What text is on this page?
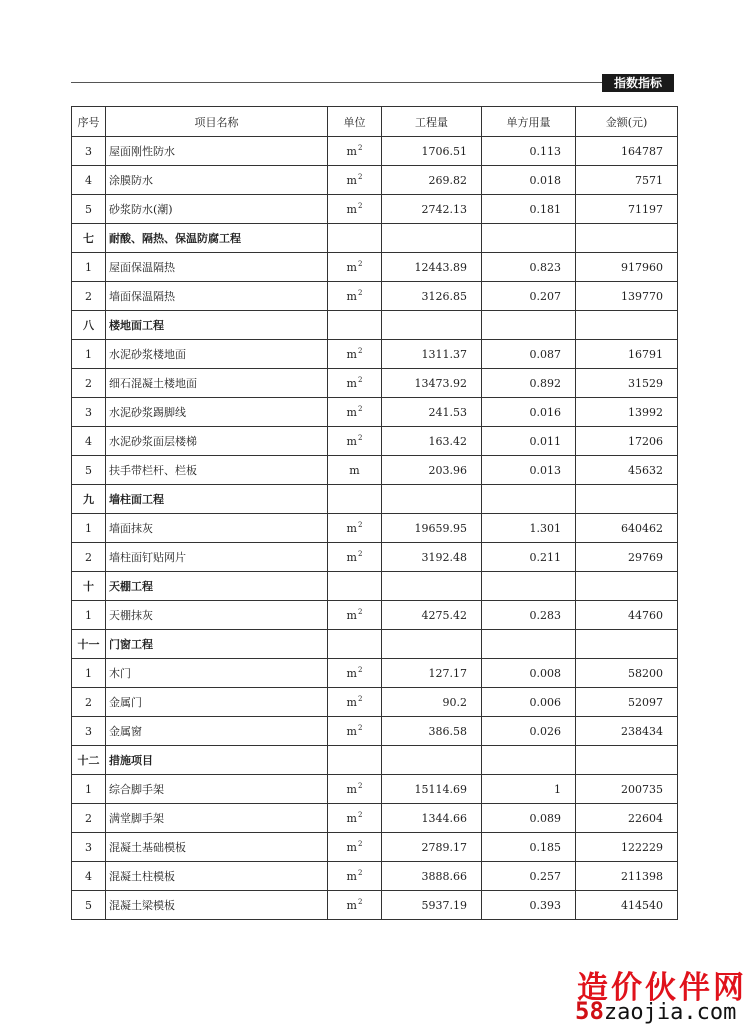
指数指标
序号	项目名称	单位	工程量	单方用量	金额(元)
3	屋面刚性防水	$m^2$	1706.51	0.113	164787
4	涂膜防水	$m^2$	269.82	0.018	7571
5	砂浆防水(潮)	$m^2$	2742.13	0.181	71197
七	耐酸、隔热、保温防腐工程				
1	屋面保温隔热	$m^2$	12443.89	0.823	917960
2	墙面保温隔热	$m^2$	3126.85	0.207	139770
八	楼地面工程				
1	水泥砂浆楼地面	$m^2$	1311.37	0.087	16791
2	细石混凝土楼地面	$m^2$	13473.92	0.892	31529
3	水泥砂浆踢脚线	$m^2$	241.53	0.016	13992
4	水泥砂浆面层楼梯	$m^2$	163.42	0.011	17206
5	扶手带栏杆、栏板	m	203.96	0.013	45632
九	墙柱面工程				
1	墙面抹灰	$m^2$	19659.95	1.301	640462
2	墙柱面钉贴网片	$m^2$	3192.48	0.211	29769
十	天棚工程				
1	天棚抹灰	$m^2$	4275.42	0.283	44760
十一	门窗工程				
1	木门	$m^2$	127.17	0.008	58200
2	金属门	$m^2$	90.2	0.006	52097
3	金属窗	$m^2$	386.58	0.026	238434
十二	措施项目				
1	综合脚手架	$m^2$	15114.69	1	200735
2	满堂脚手架	$m^2$	1344.66	0.089	22604
3	混凝土基础模板	$m^2$	2789.17	0.185	122229
4	混凝土柱模板	$m^2$	3888.66	0.257	211398
5	混凝土梁模板	$m^2$	5937.19	0.393	414540
造价伙伴网
58zaojia.com
